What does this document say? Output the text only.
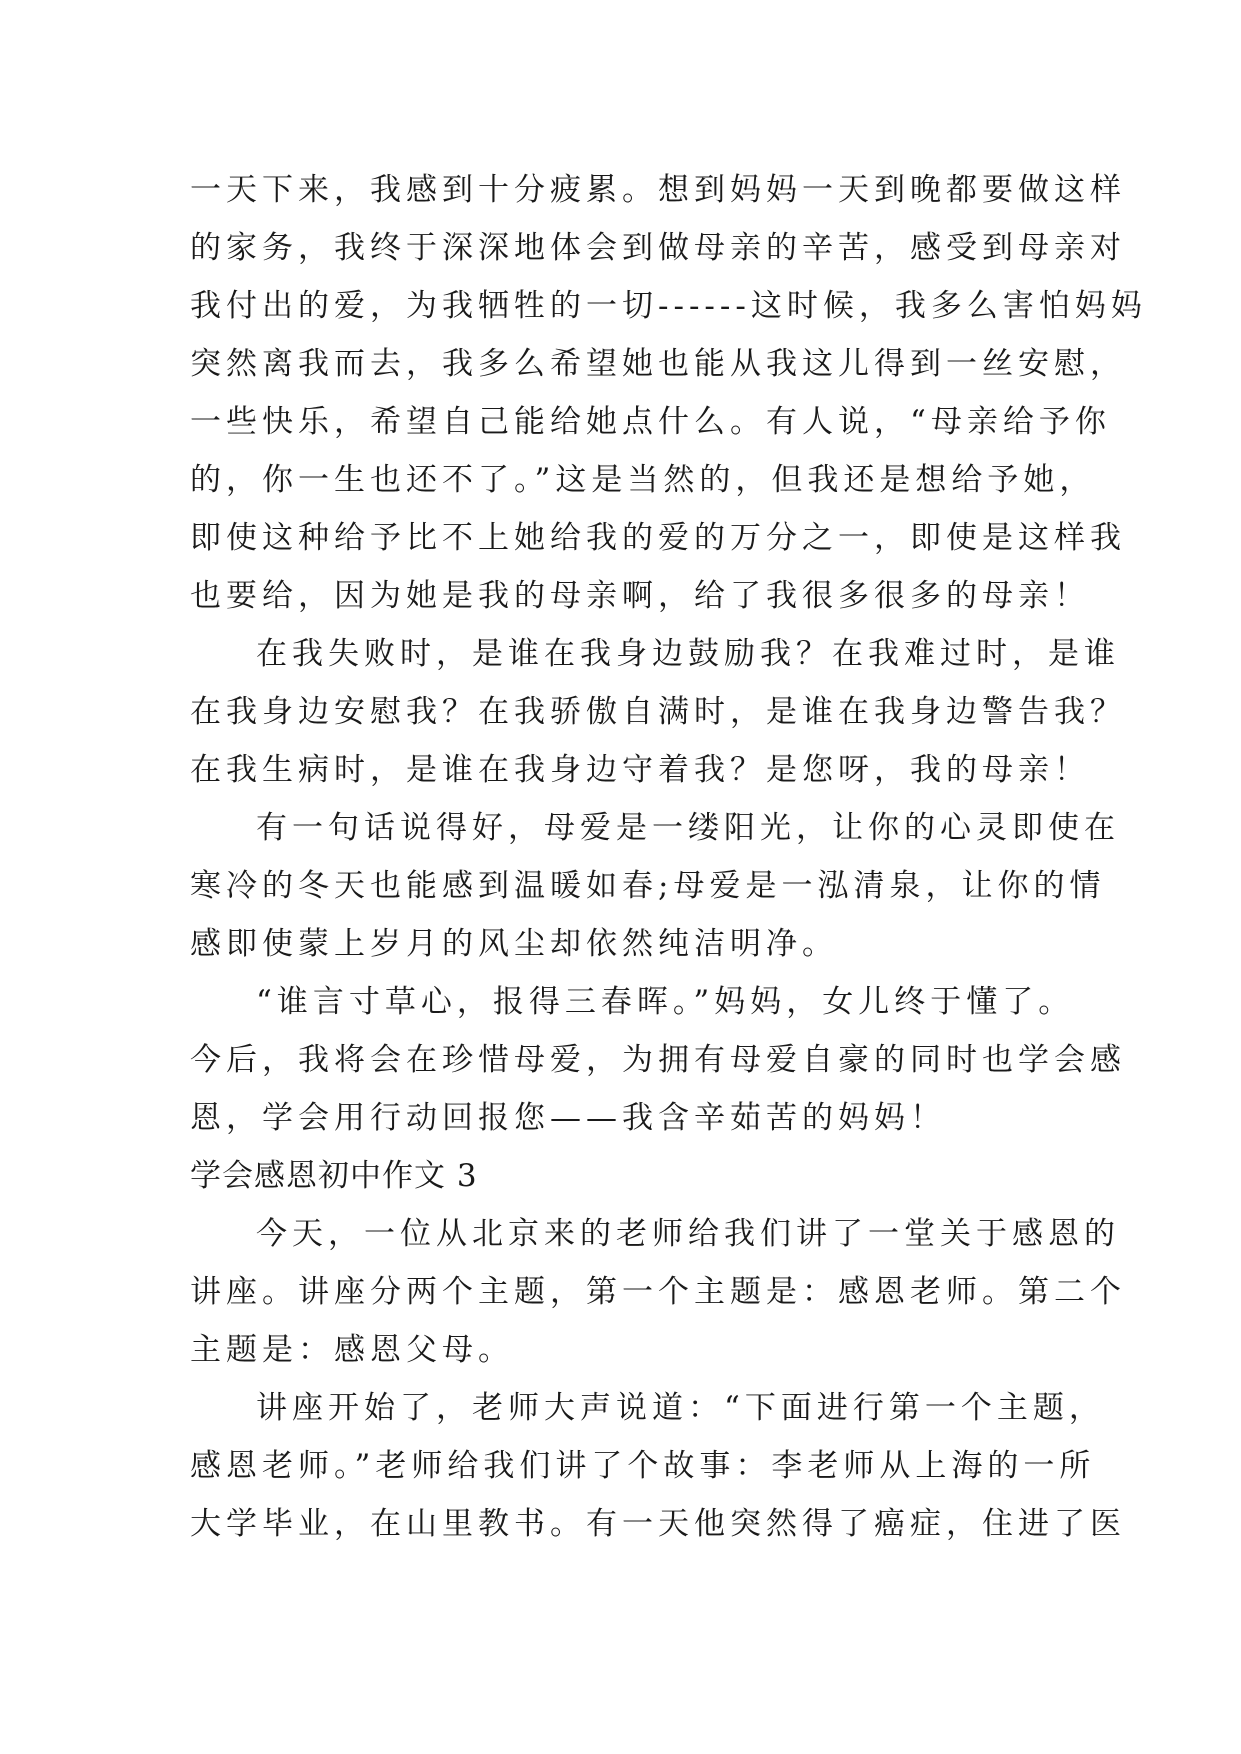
一天下来，我感到十分疲累。想到妈妈一天到晚都要做这样
的家务，我终于深深地体会到做母亲的辛苦，感受到母亲对
我付出的爱，为我牺牲的一切------这时候，我多么害怕妈妈
突然离我而去，我多么希望她也能从我这儿得到一丝安慰，
一些快乐，希望自己能给她点什么。有人说，“母亲给予你
的，你一生也还不了。”这是当然的，但我还是想给予她，
即使这种给予比不上她给我的爱的万分之一，即使是这样我
也要给，因为她是我的母亲啊，给了我很多很多的母亲！
在我失败时，是谁在我身边鼓励我？在我难过时，是谁
在我身边安慰我？在我骄傲自满时，是谁在我身边警告我？
在我生病时，是谁在我身边守着我？是您呀，我的母亲！
有一句话说得好，母爱是一缕阳光，让你的心灵即使在
寒冷的冬天也能感到温暖如春;母爱是一泓清泉，让你的情
感即使蒙上岁月的风尘却依然纯洁明净。
“谁言寸草心，报得三春晖。”妈妈，女儿终于懂了。
今后，我将会在珍惜母爱，为拥有母爱自豪的同时也学会感
恩，学会用行动回报您——我含辛茹苦的妈妈！
学会感恩初中作文 3
今天，一位从北京来的老师给我们讲了一堂关于感恩的
讲座。讲座分两个主题，第一个主题是：感恩老师。第二个
主题是：感恩父母。
讲座开始了，老师大声说道：“下面进行第一个主题，
感恩老师。”老师给我们讲了个故事：李老师从上海的一所
大学毕业，在山里教书。有一天他突然得了癌症，住进了医
